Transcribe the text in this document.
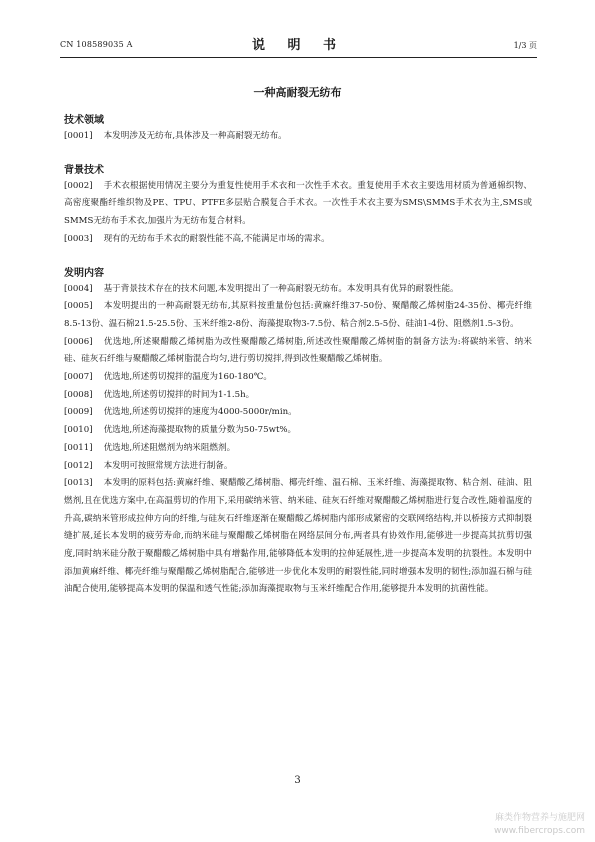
CN 108589035 A	说 明 书	1/3 页
一种高耐裂无纺布

技术领域

[0001] 本发明涉及无纺布,具体涉及一种高耐裂无纺布。

背景技术

[0002] 手术衣根据使用情况主要分为重复性使用手术衣和一次性手术衣。重复使用手术衣主要选用材质为普通棉织物、高密度聚酯纤维织物及PE、TPU、PTFE多层贴合膜复合手术衣。一次性手术衣主要为SMS\SMMS手术衣为主,SMS或SMMS无纺布手术衣,加强片为无纺布复合材料。

[0003] 现有的无纺布手术衣的耐裂性能不高,不能满足市场的需求。

发明内容

[0004] 基于背景技术存在的技术问题,本发明提出了一种高耐裂无纺布。本发明具有优异的耐裂性能。

[0005] 本发明提出的一种高耐裂无纺布,其原料按重量份包括:黄麻纤维37-50份、聚醋酸乙烯树脂24-35份、椰壳纤维8.5-13份、温石棉21.5-25.5份、玉米纤维2-8份、海藻提取物3-7.5份、粘合剂2.5-5份、硅油1-4份、阻燃剂1.5-3份。

[0006] 优选地,所述聚醋酸乙烯树脂为改性聚醋酸乙烯树脂,所述改性聚醋酸乙烯树脂的制备方法为:将碳纳米管、纳米硅、硅灰石纤维与聚醋酸乙烯树脂混合均匀,进行剪切搅拌,得到改性聚醋酸乙烯树脂。

[0007] 优选地,所述剪切搅拌的温度为160-180℃。

[0008] 优选地,所述剪切搅拌的时间为1-1.5h。

[0009] 优选地,所述剪切搅拌的速度为4000-5000r/min。

[0010] 优选地,所述海藻提取物的质量分数为50-75wt%。

[0011] 优选地,所述阻燃剂为纳米阻燃剂。

[0012] 本发明可按照常规方法进行制备。

[0013] 本发明的原料包括:黄麻纤维、聚醋酸乙烯树脂、椰壳纤维、温石棉、玉米纤维、海藻提取物、粘合剂、硅油、阻燃剂,且在优选方案中,在高温剪切的作用下,采用碳纳米管、纳米硅、硅灰石纤维对聚醋酸乙烯树脂进行复合改性,随着温度的升高,碳纳米管形成拉伸方向的纤维,与硅灰石纤维逐渐在聚醋酸乙烯树脂内部形成紧密的交联网络结构,并以桥接方式抑制裂缝扩展,延长本发明的疲劳寿命,而纳米硅与聚醋酸乙烯树脂在网络层间分布,两者具有协效作用,能够进一步提高其抗剪切强度,同时纳米硅分散于聚醋酸乙烯树脂中具有增黏作用,能够降低本发明的拉伸延展性,进一步提高本发明的抗裂性。本发明中添加黄麻纤维、椰壳纤维与聚醋酸乙烯树脂配合,能够进一步优化本发明的耐裂性能,同时增强本发明的韧性;添加温石棉与硅油配合使用,能够提高本发明的保温和透气性能;添加海藻提取物与玉米纤维配合作用,能够提升本发明的抗菌性能。

3
麻类作物营养与施肥网
www.fibercrops.com
